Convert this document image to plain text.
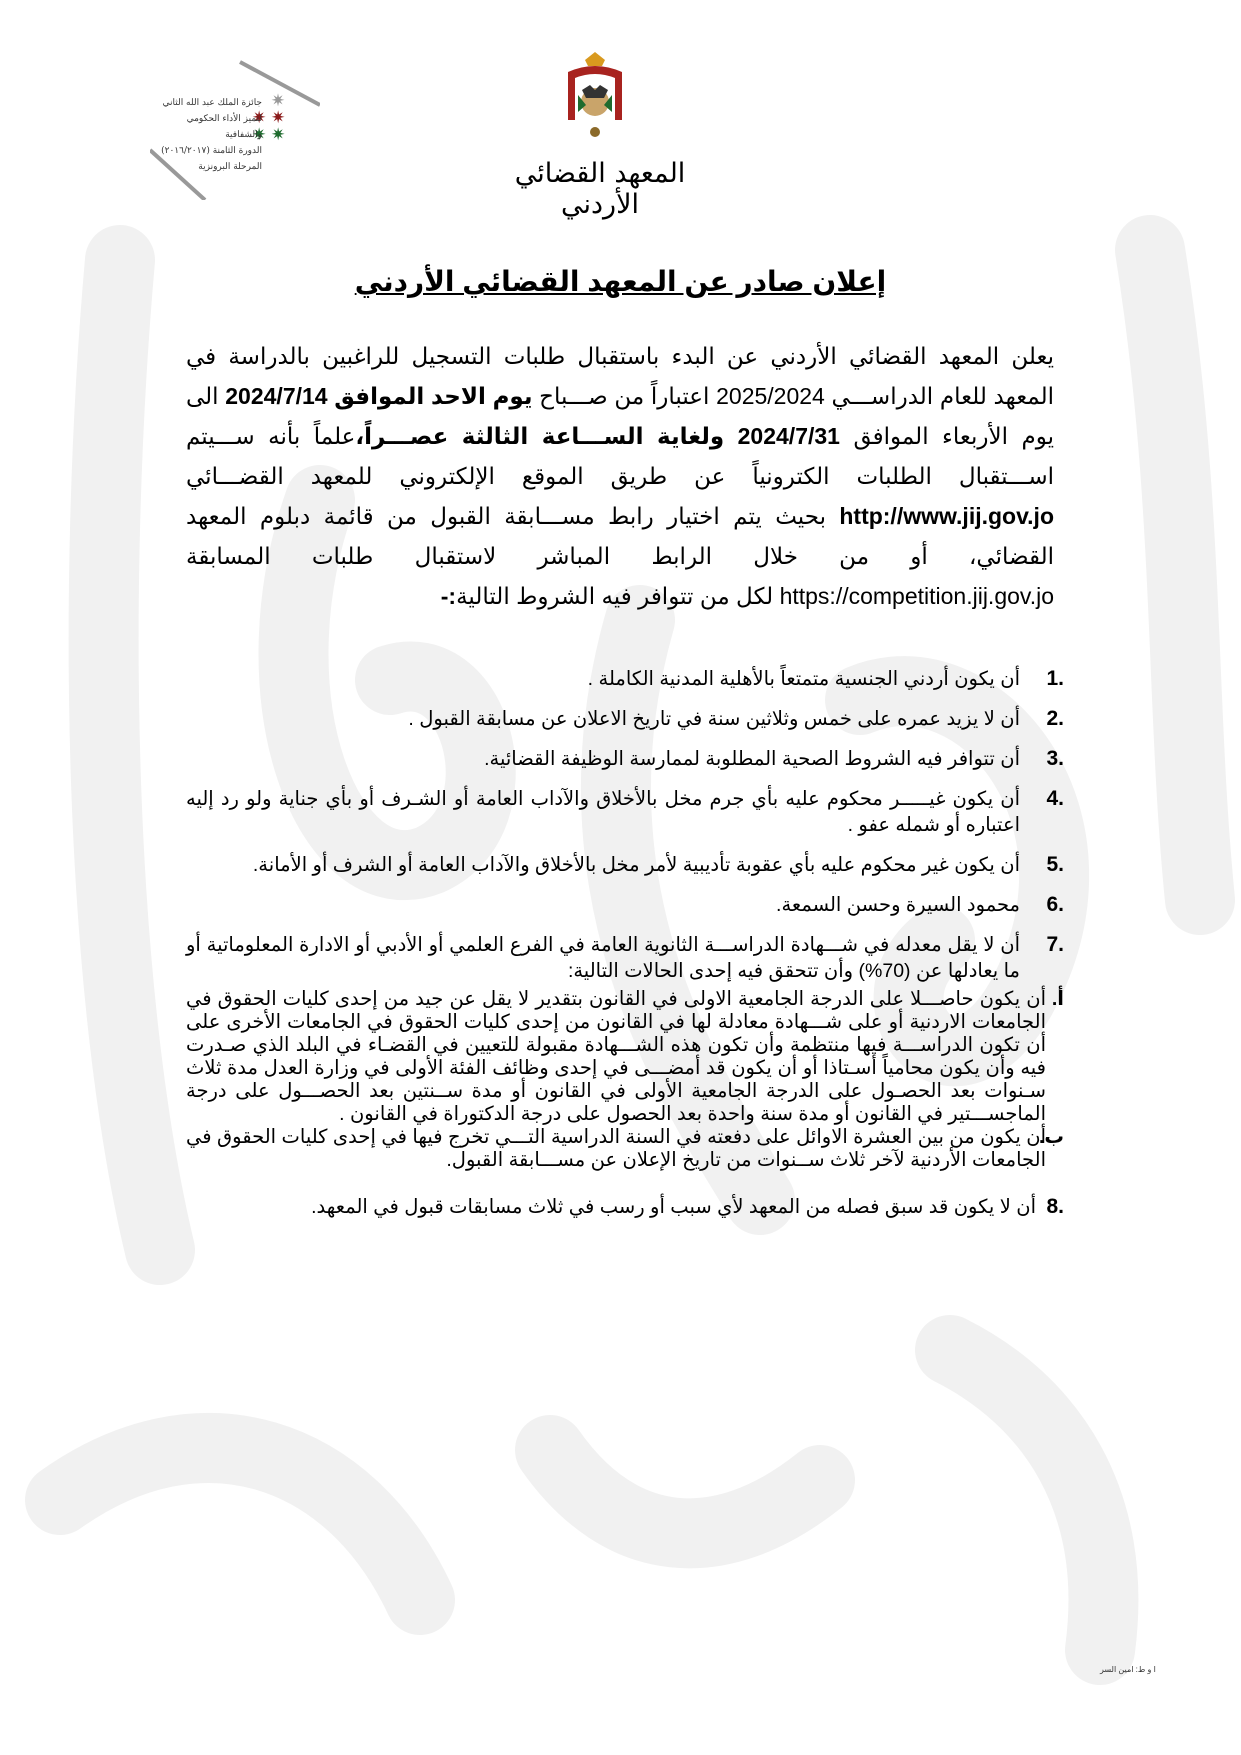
✷
✷ ✷
✷ ✷
جائزة الملك عبد الله الثاني
لتميز الأداء الحكومي والشفافية
الدورة الثامنة (٢٠١٦/٢٠١٧)
المرحلة البرونزية	المعهد القضائي الأردني
إعلان صادر عن المعهد القضائي الأردني

يعلن المعهد القضائي الأردني عن البدء باستقبال طلبات التسجيل للراغبين بالدراسة في المعهد للعام الدراســـي 2025/2024 اعتباراً من صـــباح يوم الاحد الموافق 2024/7/14 الى يوم الأربعاء الموافق 2024/7/31 ولغاية الســـاعة الثالثة عصـــراً،علماً بأنه ســـيتم اســـتقبال الطلبات الكترونياً عن طريق الموقع الإلكتروني للمعهد القضـــائي http://www.jij.gov.jo بحيث يتم اختيار رابط مســـابقة القبول من قائمة دبلوم المعهد القضائي، أو من خلال الرابط المباشر لاستقبال طلبات المسابقة https://competition.jij.gov.jo لكل من تتوافر فيه الشروط التالية:-

1.
أن يكون أردني الجنسية متمتعاً بالأهلية المدنية الكاملة .
2.
أن لا يزيد عمره على خمس وثلاثين سنة في تاريخ الاعلان عن مسابقة القبول .
3.
أن تتوافر فيه الشروط الصحية المطلوبة لممارسة الوظيفة القضائية.
4.
أن يكون غيـــــر محكوم عليه بأي جرم مخل بالأخلاق والآداب العامة أو الشـرف أو بأي جناية ولو رد إليه اعتباره أو شمله عفو .
5.
أن يكون غير محكوم عليه بأي عقوبة تأديبية لأمر مخل بالأخلاق والآداب العامة أو الشرف أو الأمانة.
6.
محمود السيرة وحسن السمعة.
7.
أن لا يقل معدله في شـــهادة الدراســـة الثانوية العامة في الفرع العلمي أو الأدبي أو الادارة المعلوماتية أو ما يعادلها عن (70%) وأن تتحقق فيه إحدى الحالات التالية:
أ.
أن يكون حاصـــلا على الدرجة الجامعية الاولى في القانون بتقدير لا يقل عن جيد من إحدى كليات الحقوق في الجامعات الاردنية أو على شـــهادة معادلة لها في القانون من إحدى كليات الحقوق في الجامعات الأخرى على أن تكون الدراســـة فيها منتظمة وأن تكون هذه الشـــهادة مقبولة للتعيين في القضـاء في البلد الذي صـدرت فيه وأن يكون محامياً أسـتاذا أو أن يكون قد أمضـــى في إحدى وظائف الفئة الأولى في وزارة العدل مدة ثلاث سـنوات بعد الحصـول على الدرجة الجامعية الأولى في القانون أو مدة ســنتين بعد الحصـــول على درجة الماجســـتير في القانون أو مدة سنة واحدة بعد الحصول على درجة الدكتوراة في القانون .
ب.
أن يكون من بين العشرة الاوائل على دفعته في السنة الدراسية التـــي تخرج فيها في إحدى كليات الحقوق في الجامعات الأردنية لآخر ثلاث ســنوات من تاريخ الإعلان عن مســـابقة القبول.
8.
أن لا يكون قد سبق فصله من المعهد لأي سبب أو رسب في ثلاث مسابقات قبول في المعهد.
ا و ط: امين السر
